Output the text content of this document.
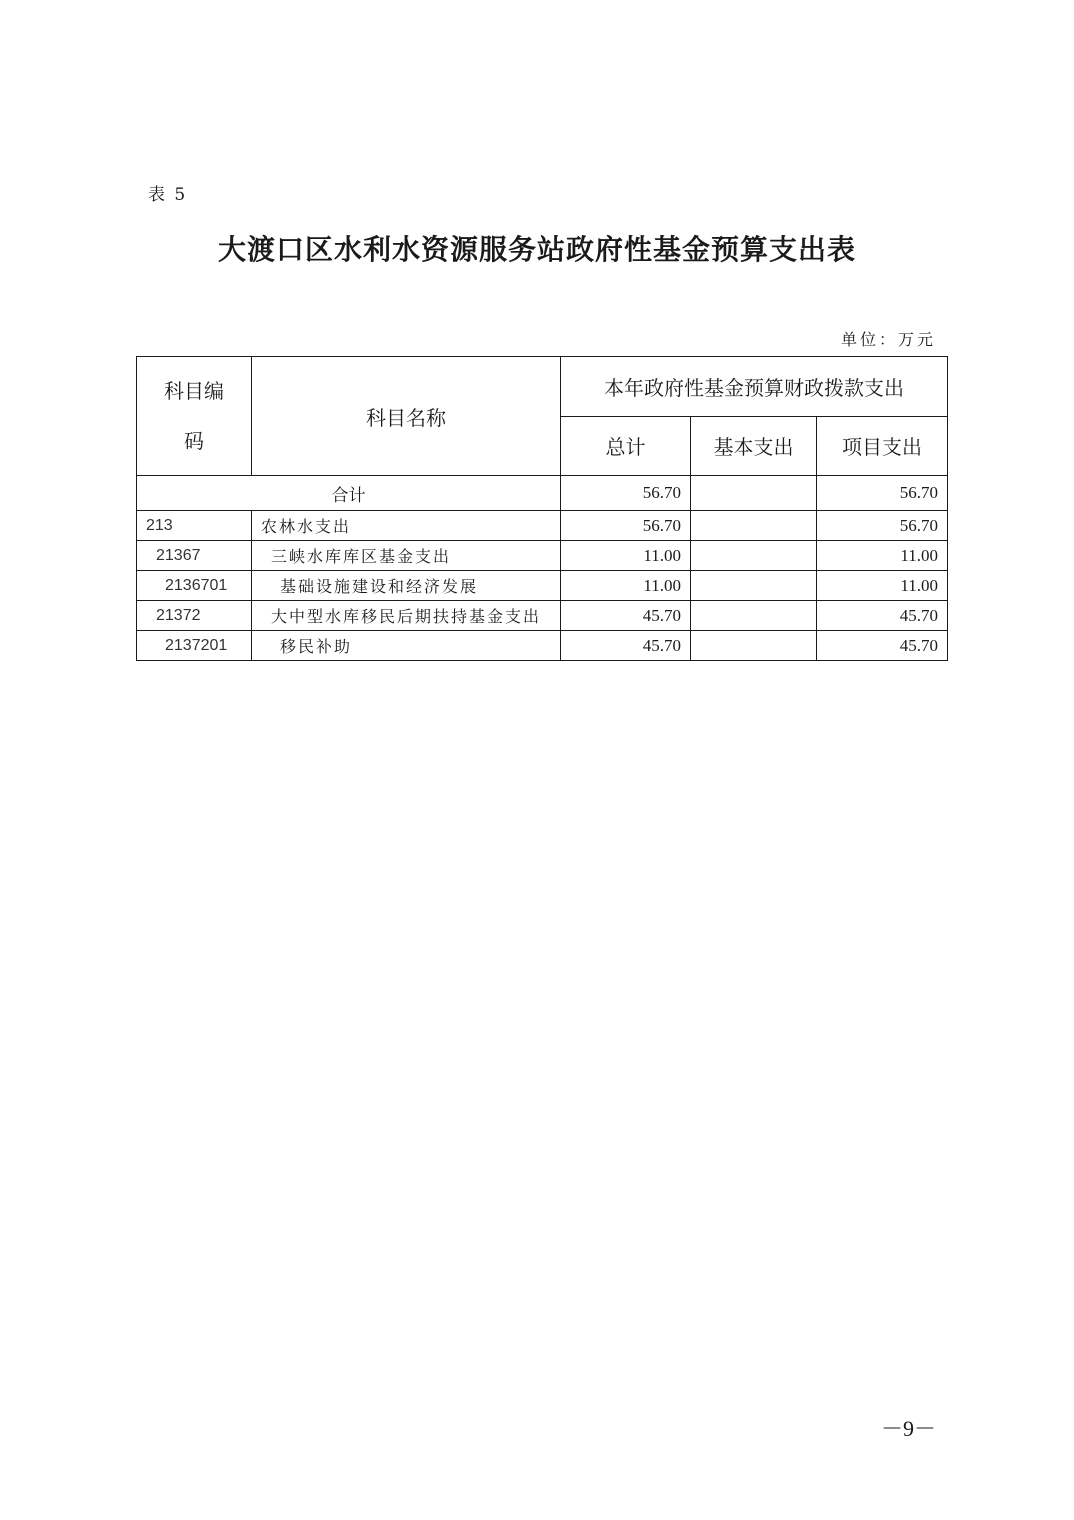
表 5
大渡口区水利水资源服务站政府性基金预算支出表
单位：万元
科目编
码	科目名称	本年政府性基金预算财政拨款支出		
		总计	基本支出	项目支出
合计		56.70		56.70
213	农林水支出	56.70		56.70
21367	三峡水库库区基金支出	11.00		11.00
2136701	基础设施建设和经济发展	11.00		11.00
21372	大中型水库移民后期扶持基金支出	45.70		45.70
2137201	移民补助	45.70		45.70
－9－
